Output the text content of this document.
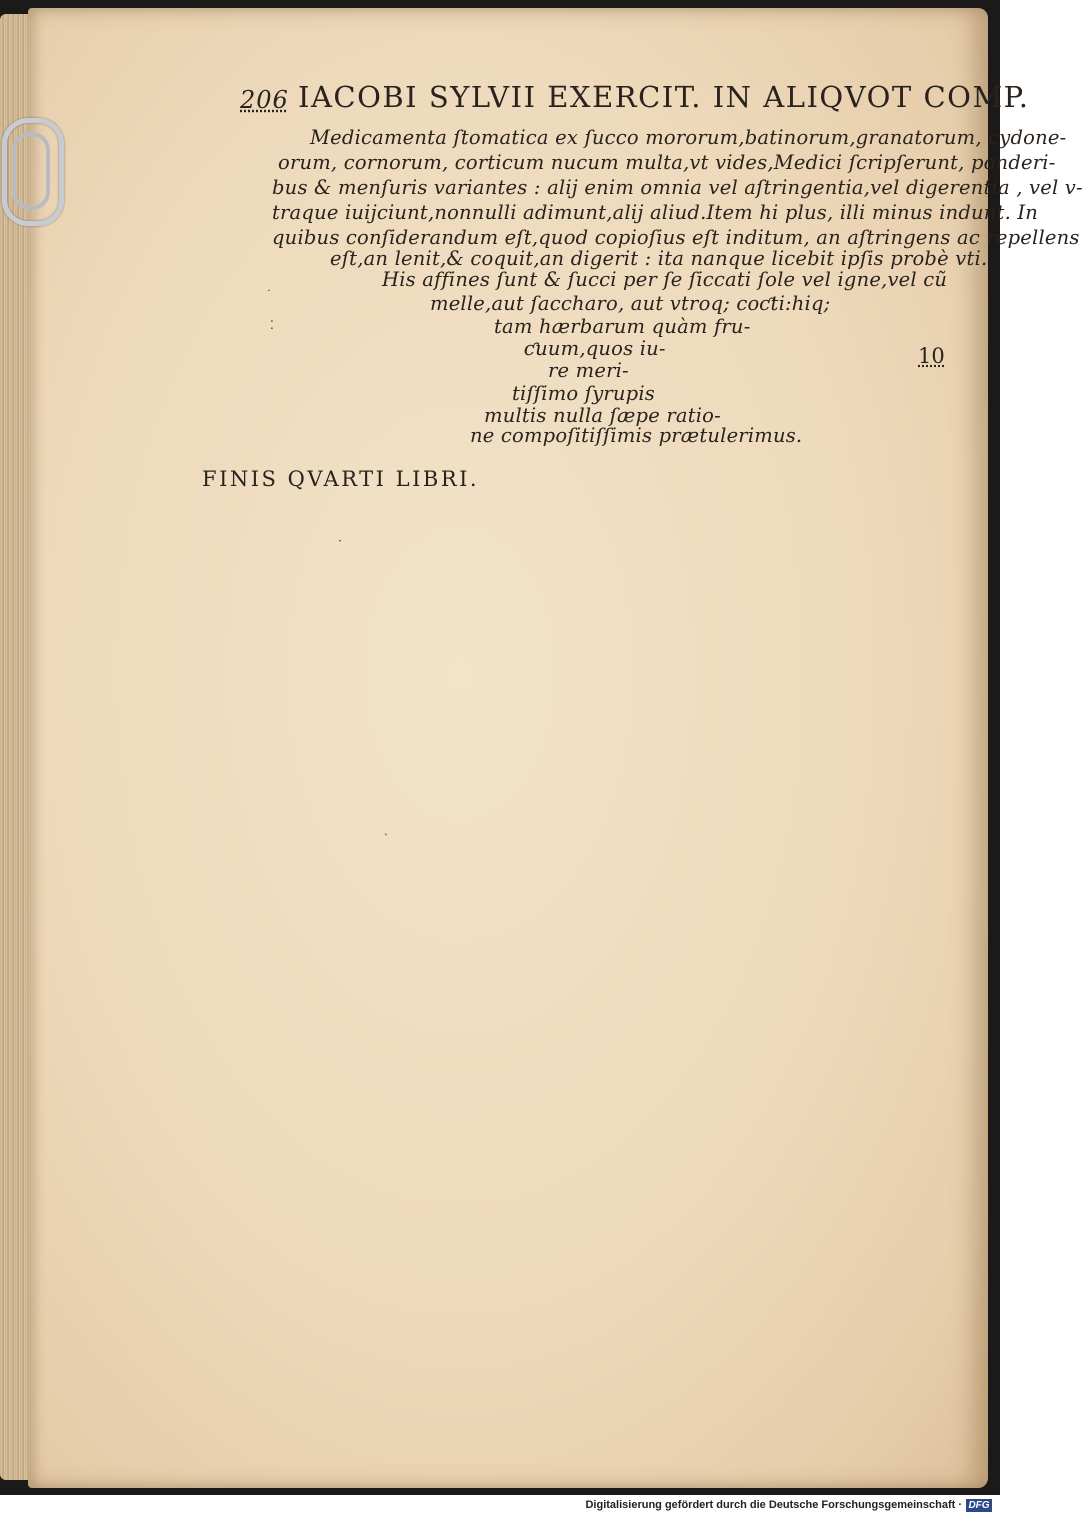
206 IACOBI SYLVII EXERCIT. IN ALIQVOT COMP.
Medicamenta ſtomatica ex ſucco mororum,batinorum,granatorum, cydone-
orum, cornorum, corticum nucum multa,vt vides,Medici ſcripſerunt, ponderi-
bus & menſuris variantes : alij enim omnia vel aſtringentia,vel digerentia , vel v-
traque iuijciunt,nonnulli adimunt,alij aliud.Item hi plus, illi minus indunt. In
quibus conſiderandum eſt,quod copioſius eſt inditum, an aſtringens ac repellens
eſt,an lenit,& coquit,an digerit : ita nanque licebit ipſis probè vti.
His affines ſunt & ſucci per ſe ſiccati ſole vel igne,vel cũ
melle,aut ſaccharo, aut vtroq; coƈti:hiq;
tam hærbarum quàm fru-
ƈuum,quos iu-
re meri-
tiſſimo ſyrupis
multis nulla ſæpe ratio-
ne compoſitiſſimis prætulerimus.
10
FINIS QVARTI LIBRI.
˙
⁚
·
ˎ
Digitalisierung gefördert durch die Deutsche Forschungsgemeinschaft · DFG
